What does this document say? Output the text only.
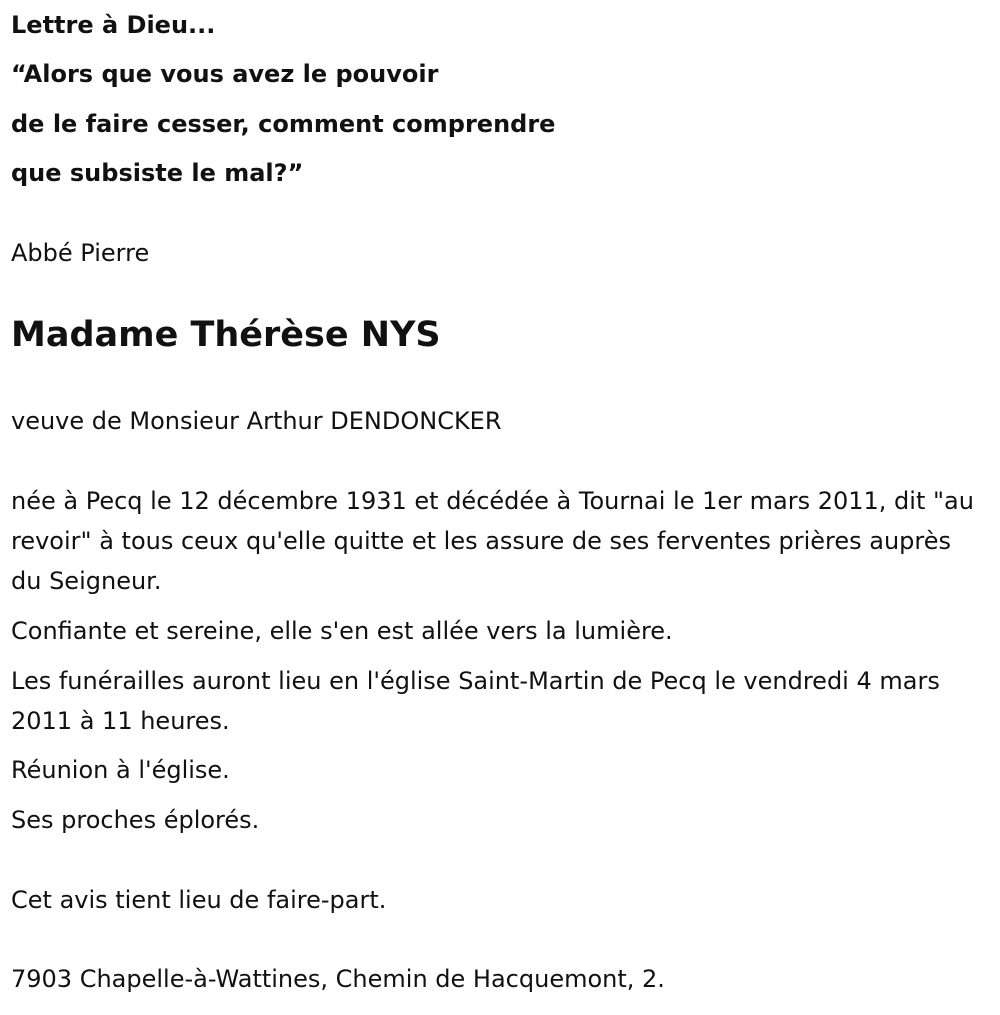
Lettre à Dieu...
“Alors que vous avez le pouvoir
de le faire cesser, comment comprendre
que subsiste le mal?”
Abbé Pierre
Madame Thérèse NYS
veuve de Monsieur Arthur DENDONCKER
née à Pecq le 12 décembre 1931 et décédée à Tournai le 1er mars 2011, dit "au revoir" à tous ceux qu'elle quitte et les assure de ses ferventes prières auprès du Seigneur.
Confiante et sereine, elle s'en est allée vers la lumière.
Les funérailles auront lieu en l'église Saint-Martin de Pecq le vendredi 4 mars 2011 à 11 heures.
Réunion à l'église.
Ses proches éplorés.
Cet avis tient lieu de faire-part.
7903 Chapelle-à-Wattines, Chemin de Hacquemont, 2.
